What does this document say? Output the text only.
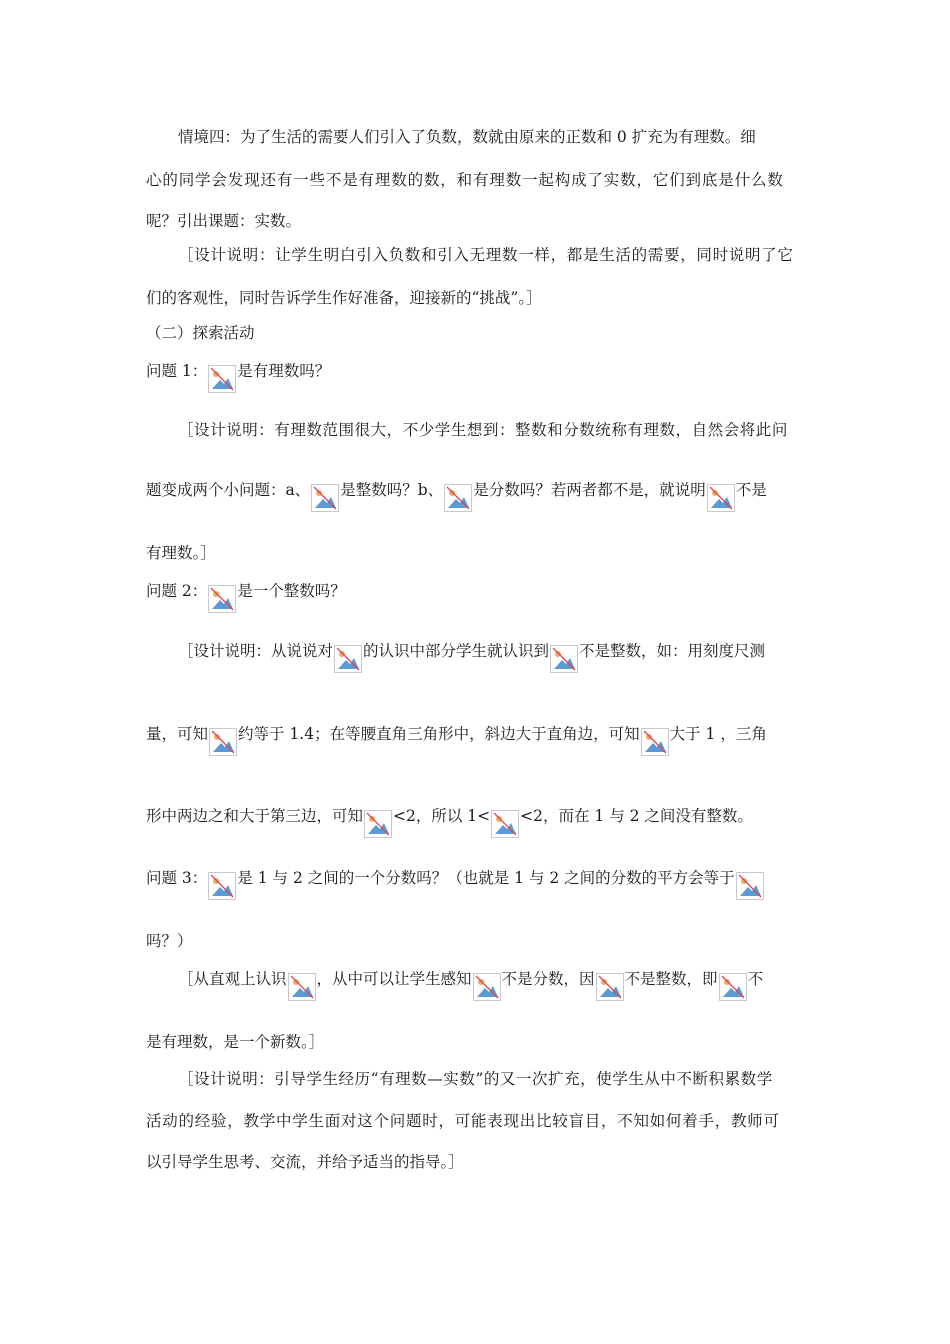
情境四：为了生活的需要人们引入了负数，数就由原来的正数和 0 扩充为有理数。细
心的同学会发现还有一些不是有理数的数，和有理数一起构成了实数，它们到底是什么数
呢？引出课题：实数。
［设计说明：让学生明白引入负数和引入无理数一样，都是生活的需要，同时说明了它
们的客观性，同时告诉学生作好准备，迎接新的“挑战”。］
（二）探索活动
问题 1： 是有理数吗？
［设计说明：有理数范围很大，不少学生想到：整数和分数统称有理数，自然会将此问
题变成两个小问题：a、 是整数吗？b、 是分数吗？若两者都不是，就说明 不是
有理数。］
问题 2： 是一个整数吗？
［设计说明：从说说对 的认识中部分学生就认识到 不是整数，如：用刻度尺测
量，可知 约等于 1.4；在等腰直角三角形中，斜边大于直角边，可知 大于 1 ，三角
形中两边之和大于第三边，可知 <2，所以 1< <2，而在 1 与 2 之间没有整数。
问题 3： 是 1 与 2 之间的一个分数吗？（也就是 1 与 2 之间的分数的平方会等于
吗？）
［从直观上认识 ，从中可以让学生感知 不是分数，因 不是整数，即 不
是有理数，是一个新数。］
［设计说明：引导学生经历“有理数—实数”的又一次扩充，使学生从中不断积累数学
活动的经验，教学中学生面对这个问题时，可能表现出比较盲目，不知如何着手，教师可
以引导学生思考、交流，并给予适当的指导。］
